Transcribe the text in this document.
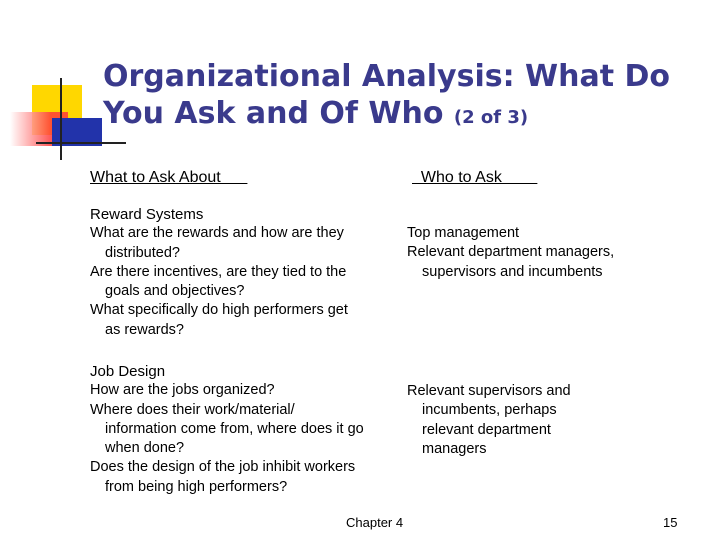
Organizational Analysis: What Do You Ask and Of Who (2 of 3)
What to Ask About	Who to Ask
Reward Systems
What are the rewards and how are they distributed?
Are there incentives, are they tied to the goals and objectives?
What specifically do high performers get as rewards?
Top management
Relevant department managers, supervisors and incumbents
Job Design
How are the jobs organized?
Where does their work/material/ information come from, where does it go when done?
Does the design of the job inhibit workers from being high performers?
Relevant supervisors and incumbents, perhaps relevant department managers
Chapter 4	15
